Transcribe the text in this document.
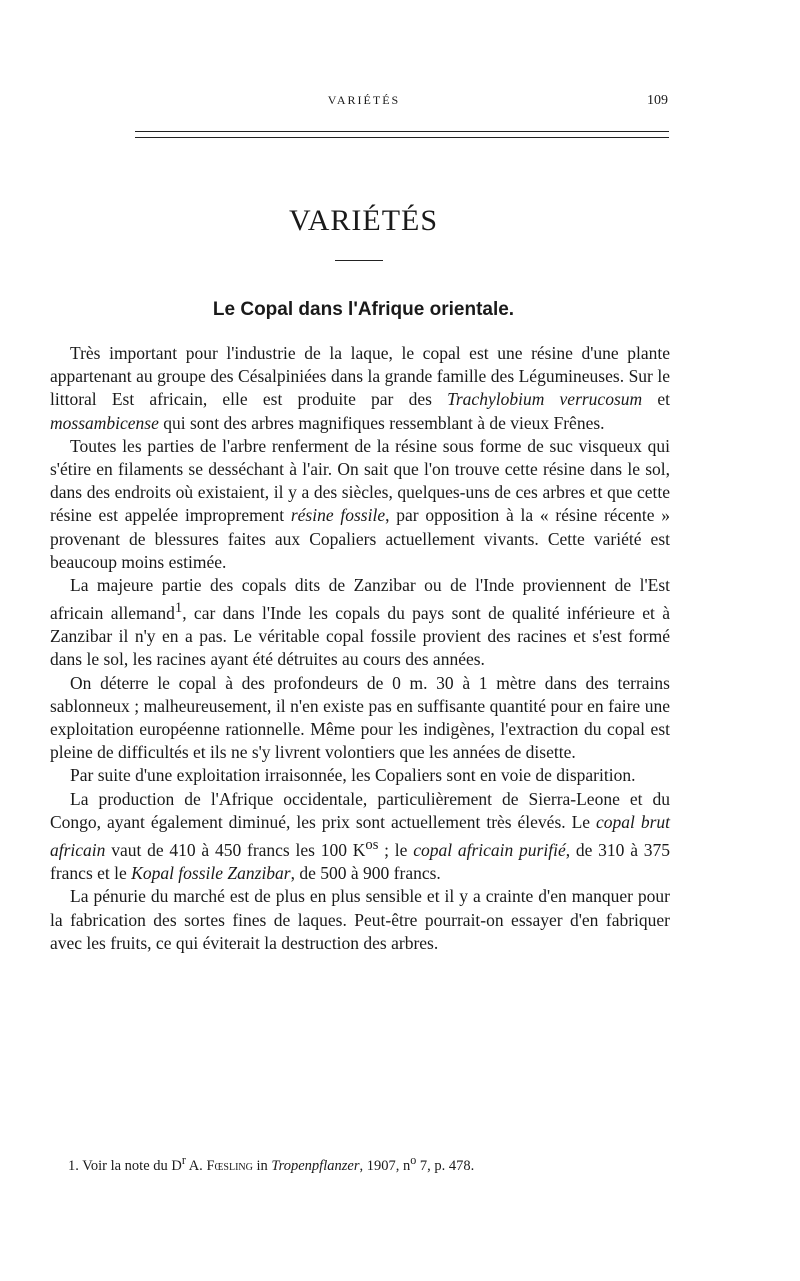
VARIÉTÉS	109
VARIÉTÉS
Le Copal dans l'Afrique orientale.

Très important pour l'industrie de la laque, le copal est une résine d'une plante appartenant au groupe des Césalpiniées dans la grande famille des Légumineuses. Sur le littoral Est africain, elle est produite par des Trachylobium verrucosum et mossambicense qui sont des arbres magnifiques ressemblant à de vieux Frênes.

Toutes les parties de l'arbre renferment de la résine sous forme de suc visqueux qui s'étire en filaments se desséchant à l'air. On sait que l'on trouve cette résine dans le sol, dans des endroits où existaient, il y a des siècles, quelques-uns de ces arbres et que cette résine est appelée improprement résine fossile, par opposition à la « résine récente » provenant de blessures faites aux Copaliers actuellement vivants. Cette variété est beaucoup moins estimée.

La majeure partie des copals dits de Zanzibar ou de l'Inde proviennent de l'Est africain allemand$^1$, car dans l'Inde les copals du pays sont de qualité inférieure et à Zanzibar il n'y en a pas. Le véritable copal fossile provient des racines et s'est formé dans le sol, les racines ayant été détruites au cours des années.

On déterre le copal à des profondeurs de 0 m. 30 à 1 mètre dans des terrains sablonneux ; malheureusement, il n'en existe pas en suffisante quantité pour en faire une exploitation européenne rationnelle. Même pour les indigènes, l'extraction du copal est pleine de difficultés et ils ne s'y livrent volontiers que les années de disette.

Par suite d'une exploitation irraisonnée, les Copaliers sont en voie de disparition.

La production de l'Afrique occidentale, particulièrement de Sierra-Leone et du Congo, ayant également diminué, les prix sont actuellement très élevés. Le copal brut africain vaut de 410 à 450 francs les 100 $K^{os}$ ; le copal africain purifié, de 310 à 375 francs et le Kopal fossile Zanzibar, de 500 à 900 francs.

La pénurie du marché est de plus en plus sensible et il y a crainte d'en manquer pour la fabrication des sortes fines de laques. Peut-être pourrait-on essayer d'en fabriquer avec les fruits, ce qui éviterait la destruction des arbres.

1. Voir la note du $D^r$ A. Fœsling in Tropenpflanzer, 1907, $n^o$ 7, p. 478.
